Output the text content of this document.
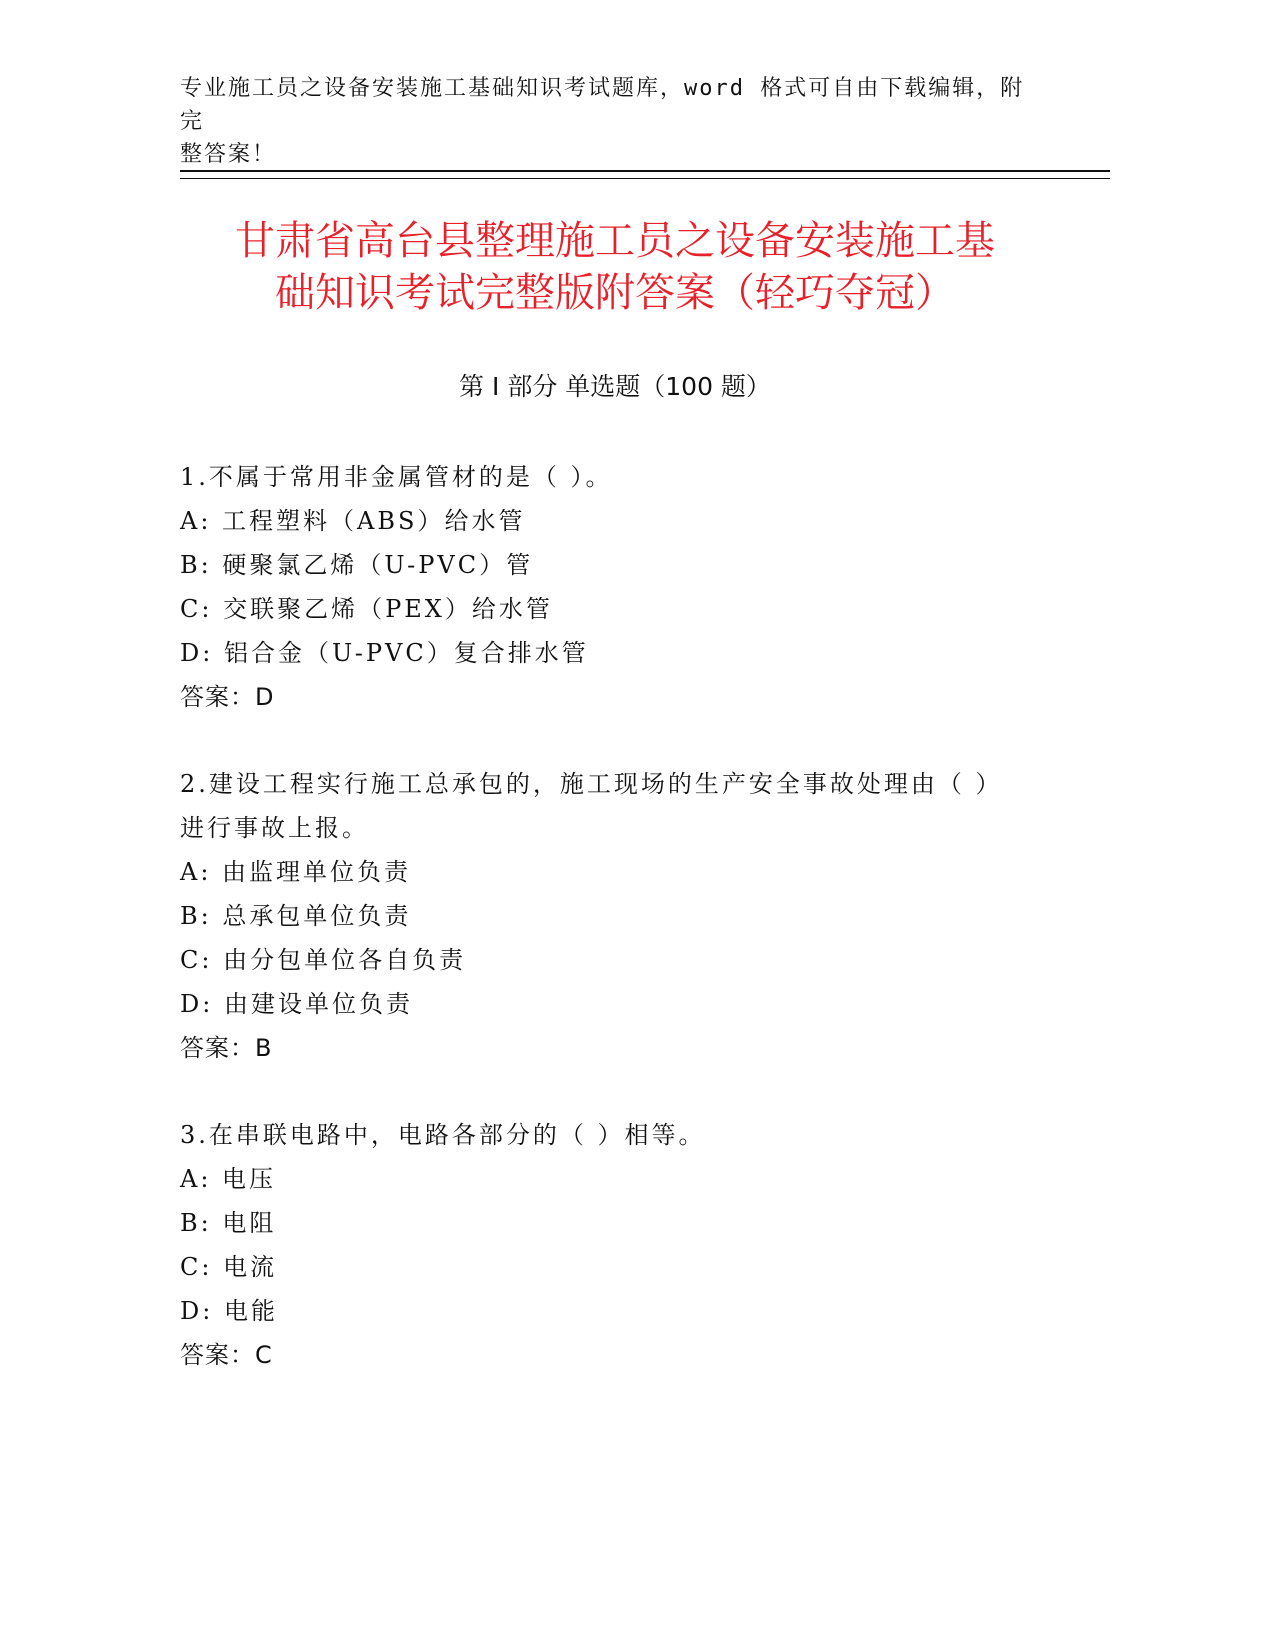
专业施工员之设备安装施工基础知识考试题库，word 格式可自由下载编辑，附完
整答案！
甘肃省高台县整理施工员之设备安装施工基
础知识考试完整版附答案（轻巧夺冠）
第 I 部分 单选题（100 题）
1.不属于常用非金属管材的是（ ）。
A: 工程塑料（ABS）给水管
B: 硬聚氯乙烯（U-PVC）管
C: 交联聚乙烯（PEX）给水管
D: 铝合金（U-PVC）复合排水管
答案：D
2.建设工程实行施工总承包的，施工现场的生产安全事故处理由（ ）
进行事故上报。
A: 由监理单位负责
B: 总承包单位负责
C: 由分包单位各自负责
D: 由建设单位负责
答案：B
3.在串联电路中，电路各部分的（ ）相等。
A: 电压
B: 电阻
C: 电流
D: 电能
答案：C
